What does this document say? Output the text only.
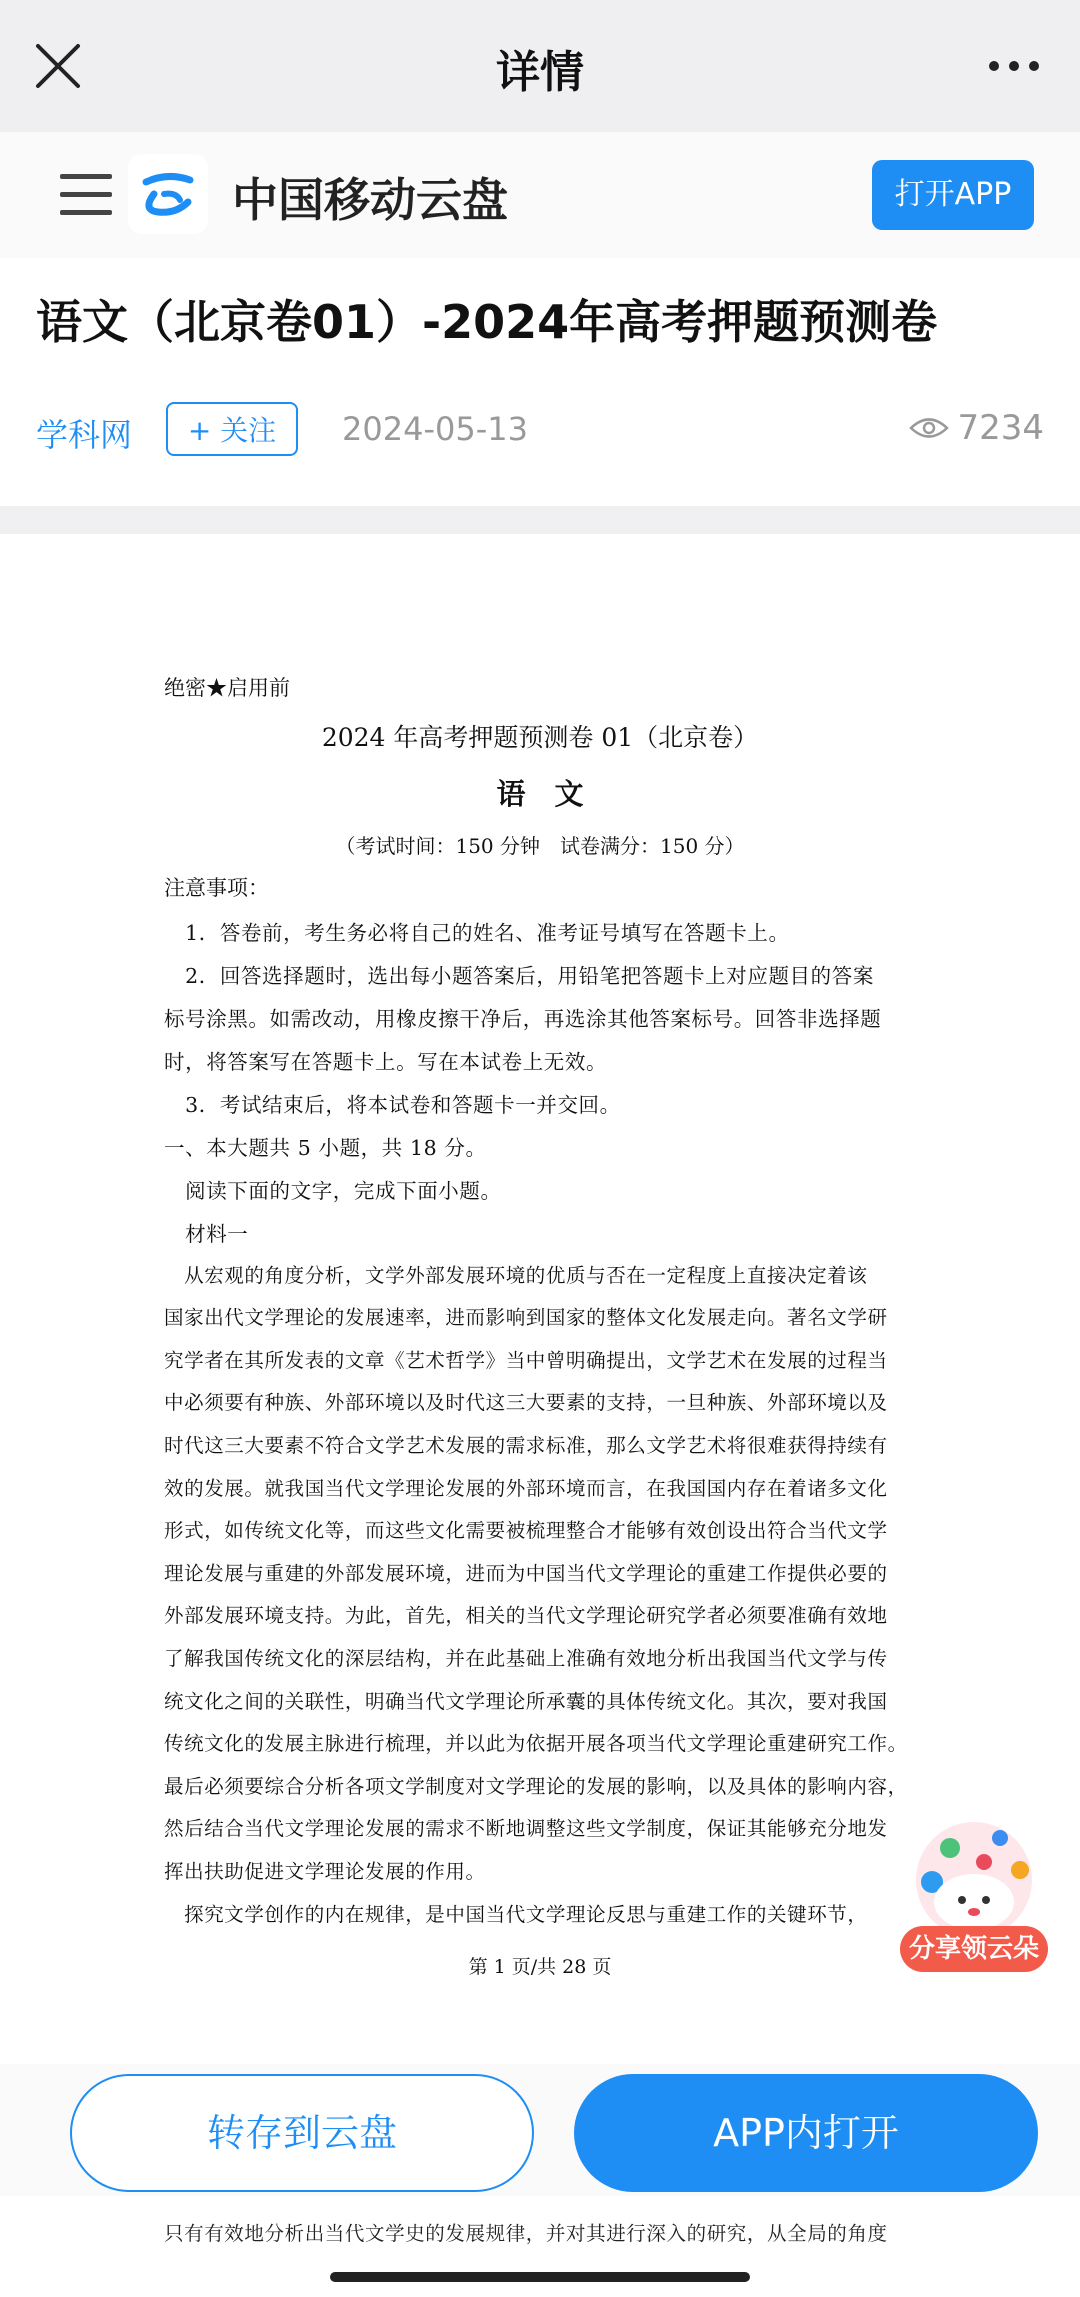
详情
中国移动云盘	打开APP
语文（北京卷01）-2024年高考押题预测卷
学科网	+ 关注	2024-05-13	7234

绝密★启用前

2024 年高考押题预测卷 01（北京卷）

语　文

（考试时间：150 分钟　试卷满分：150 分）

注意事项：

　1．答卷前，考生务必将自己的姓名、准考证号填写在答题卡上。
　2．回答选择题时，选出每小题答案后，用铅笔把答题卡上对应题目的答案
标号涂黑。如需改动，用橡皮擦干净后，再选涂其他答案标号。回答非选择题
时，将答案写在答题卡上。写在本试卷上无效。
　3．考试结束后，将本试卷和答题卡一并交回。
一、本大题共 5 小题，共 18 分。
　阅读下面的文字，完成下面小题。
　材料一
　从宏观的角度分析，文学外部发展环境的优质与否在一定程度上直接决定着该
国家出代文学理论的发展速率，进而影响到国家的整体文化发展走向。著名文学研
究学者在其所发表的文章《艺术哲学》当中曾明确提出，文学艺术在发展的过程当
中必须要有种族、外部环境以及时代这三大要素的支持，一旦种族、外部环境以及
时代这三大要素不符合文学艺术发展的需求标准，那么文学艺术将很难获得持续有
效的发展。就我国当代文学理论发展的外部环境而言，在我国国内存在着诸多文化
形式，如传统文化等，而这些文化需要被梳理整合才能够有效创设出符合当代文学
理论发展与重建的外部发展环境，进而为中国当代文学理论的重建工作提供必要的
外部发展环境支持。为此，首先，相关的当代文学理论研究学者必须要准确有效地
了解我国传统文化的深层结构，并在此基础上准确有效地分析出我国当代文学与传
统文化之间的关联性，明确当代文学理论所承囊的具体传统文化。其次，要对我国
传统文化的发展主脉进行梳理，并以此为依据开展各项当代文学理论重建研究工作。
最后必须要综合分析各项文学制度对文学理论的发展的影响，以及具体的影响内容，
然后结合当代文学理论发展的需求不断地调整这些文学制度，保证其能够充分地发
挥出扶助促进文学理论发展的作用。
　探究文学创作的内在规律，是中国当代文学理论反思与重建工作的关键环节，

第 1 页/共 28 页

分享领云朵
转存到云盘	APP内打开

只有有效地分析出当代文学史的发展规律，并对其进行深入的研究，从全局的角度
